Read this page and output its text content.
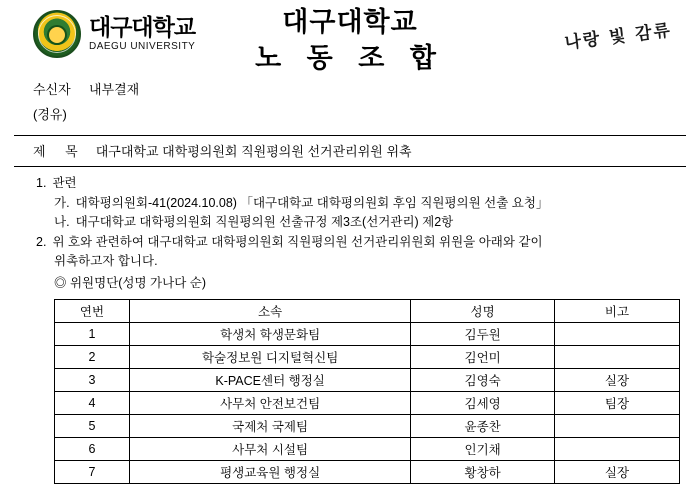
대구대학교
DAEGU UNIVERSITY
대구대학교
노 동 조 합
나랑 빛 감류
수신자 내부결재
(경유)
제 목 대구대학교 대학평의원회 직원평의원 선거관리위원 위촉
1. 관련
가. 대학평의원회-41(2024.10.08) 「대구대학교 대학평의원회 후임 직원평의원 선출 요청」
나. 대구대학교 대학평의원회 직원평의원 선출규정 제3조(선거관리) 제2항
2. 위 호와 관련하여 대구대학교 대학평의원회 직원평의원 선거관리위원회 위원을 아래와 같이
위촉하고자 합니다.
◎ 위원명단(성명 가나다 순)
연번	소속	성명	비고
1	학생처 학생문화팀	김두원	
2	학술정보원 디지털혁신팀	김언미	
3	K-PACE센터 행정실	김영숙	실장
4	사무처 안전보건팀	김세영	팀장
5	국제처 국제팀	윤종찬	
6	사무처 시설팀	인기채	
7	평생교육원 행정실	황창하	실장
